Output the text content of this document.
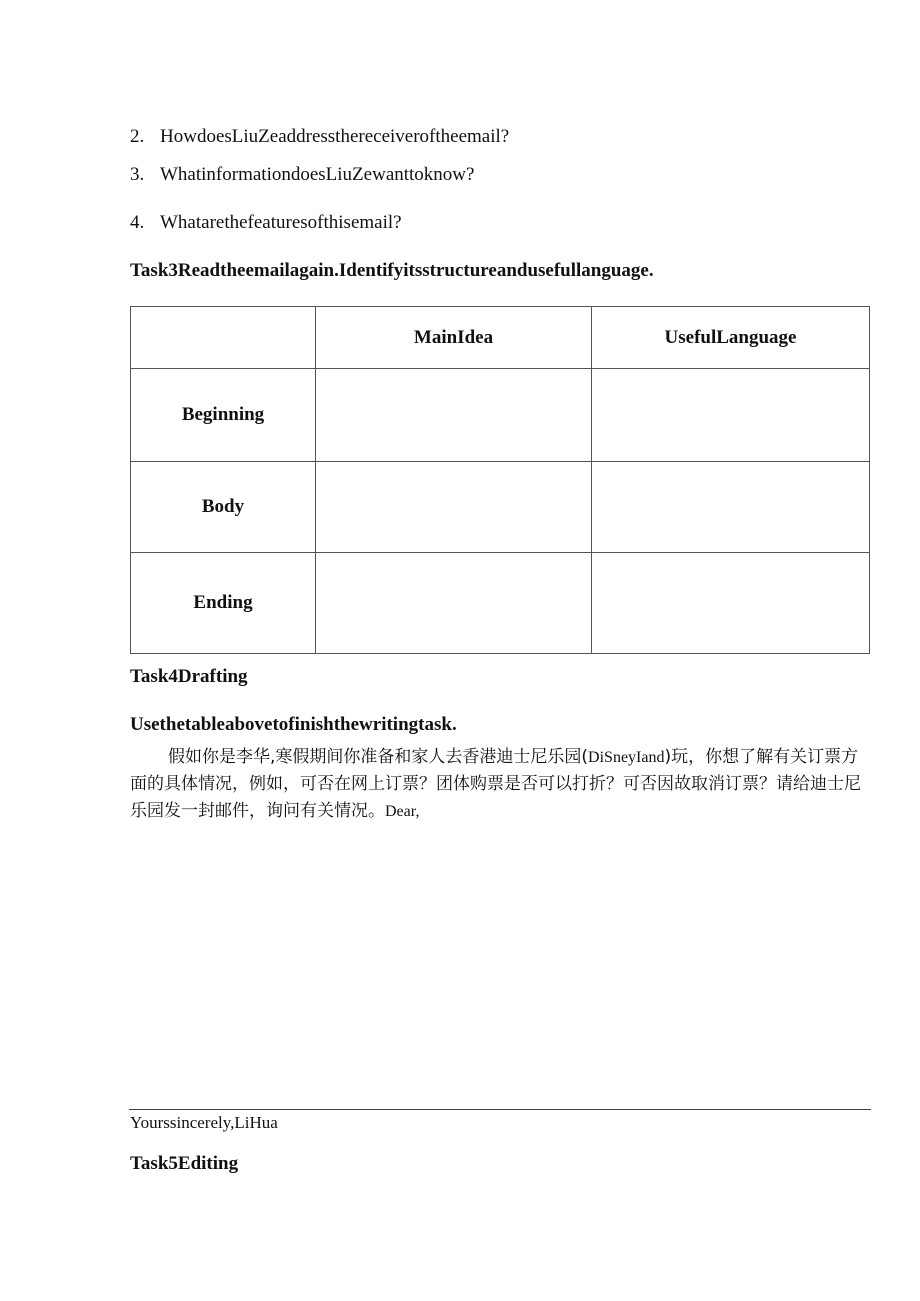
2. HowdoesLiuZeaddressthereceiveroftheemail?
3. WhatinformationdoesLiuZewanttoknow?
4. Whatarethefeaturesofthisemail?
Task3Readtheemailagain.Identifyitsstructureandusefullanguage.
	MainIdea	UsefulLanguage
Beginning		
Body		
Ending		
Task4Drafting
Usethetableabovetofinishthewritingtask.
假如你是李华,寒假期间你准备和家人去香港迪士尼乐园(DiSneyIand)玩，你想了解有关订票方面的具体情况，例如，可否在网上订票？团体购票是否可以打折？可否因故取消订票？请给迪士尼乐园发一封邮件，询问有关情况。Dear,
Yourssincerely,LiHua
Task5Editing
